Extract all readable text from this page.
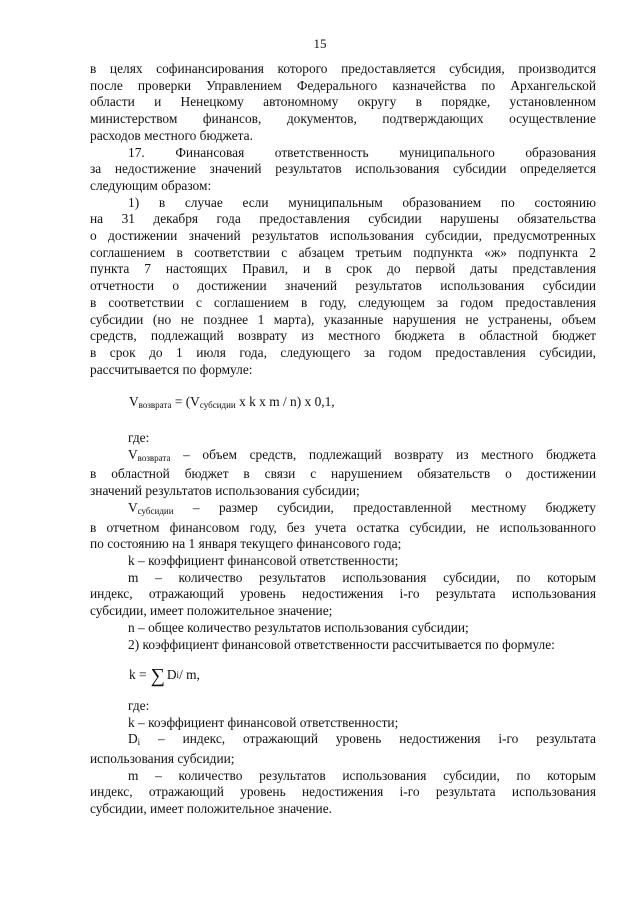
15
в целях софинансирования которого предоставляется субсидия, производится
после проверки Управлением Федерального казначейства по Архангельской
области и Ненецкому автономному округу в порядке, установленном
министерством финансов, документов, подтверждающих осуществление
расходов местного бюджета.
17. Финансовая ответственность муниципального образования
за недостижение значений результатов использования субсидии определяется
следующим образом:
1) в случае если муниципальным образованием по состоянию
на 31 декабря года предоставления субсидии нарушены обязательства
о достижении значений результатов использования субсидии, предусмотренных
соглашением в соответствии с абзацем третьим подпункта «ж» подпункта 2
пункта 7 настоящих Правил, и в срок до первой даты представления
отчетности о достижении значений результатов использования субсидии
в соответствии с соглашением в году, следующем за годом предоставления
субсидии (но не позднее 1 марта), указанные нарушения не устранены, объем
средств, подлежащий возврату из местного бюджета в областной бюджет
в срок до 1 июля года, следующего за годом предоставления субсидии,
рассчитывается по формуле:
$V_{возврата} = (V_{субсидии}$ x k x m / n) x 0,1,
где:
$V_{возврата}$ – объем средств, подлежащий возврату из местного бюджета
в областной бюджет в связи с нарушением обязательств о достижении
значений результатов использования субсидии;
$V_{субсидии}$ – размер субсидии, предоставленной местному бюджету
в отчетном финансовом году, без учета остатка субсидии, не использованного
по состоянию на 1 января текущего финансового года;
k – коэффициент финансовой ответственности;
m – количество результатов использования субсидии, по которым
индекс, отражающий уровень недостижения i-го результата использования
субсидии, имеет положительное значение;
n – общее количество результатов использования субсидии;
2) коэффициент финансовой ответственности рассчитывается по формуле:
k = ∑ D i / m,
где:
k – коэффициент финансовой ответственности;
$D_i$ – индекс, отражающий уровень недостижения i-го результата
использования субсидии;
m – количество результатов использования субсидии, по которым
индекс, отражающий уровень недостижения i-го результата использования
субсидии, имеет положительное значение.
